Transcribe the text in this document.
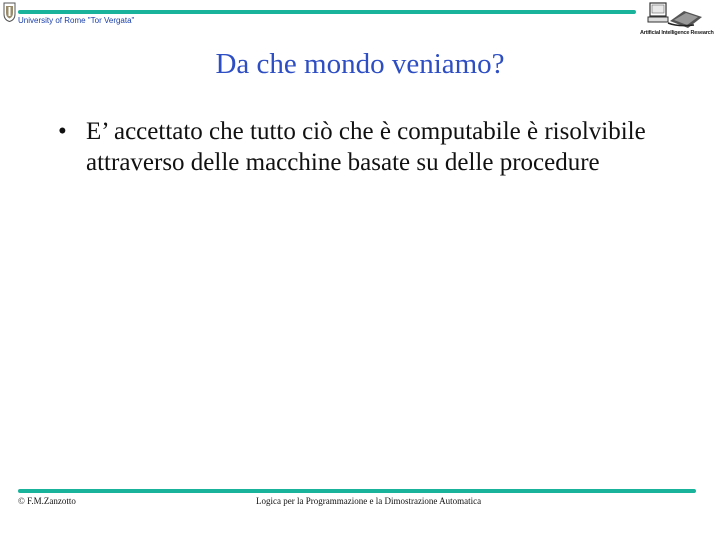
University of Rome "Tor Vergata"
Artificial Intelligence Research
Da che mondo veniamo?
• E’ accettato che tutto ciò che è computabile è risolvibile attraverso delle macchine basate su delle procedure
© F.M.Zanzotto	Logica per la Programmazione e la Dimostrazione Automatica
